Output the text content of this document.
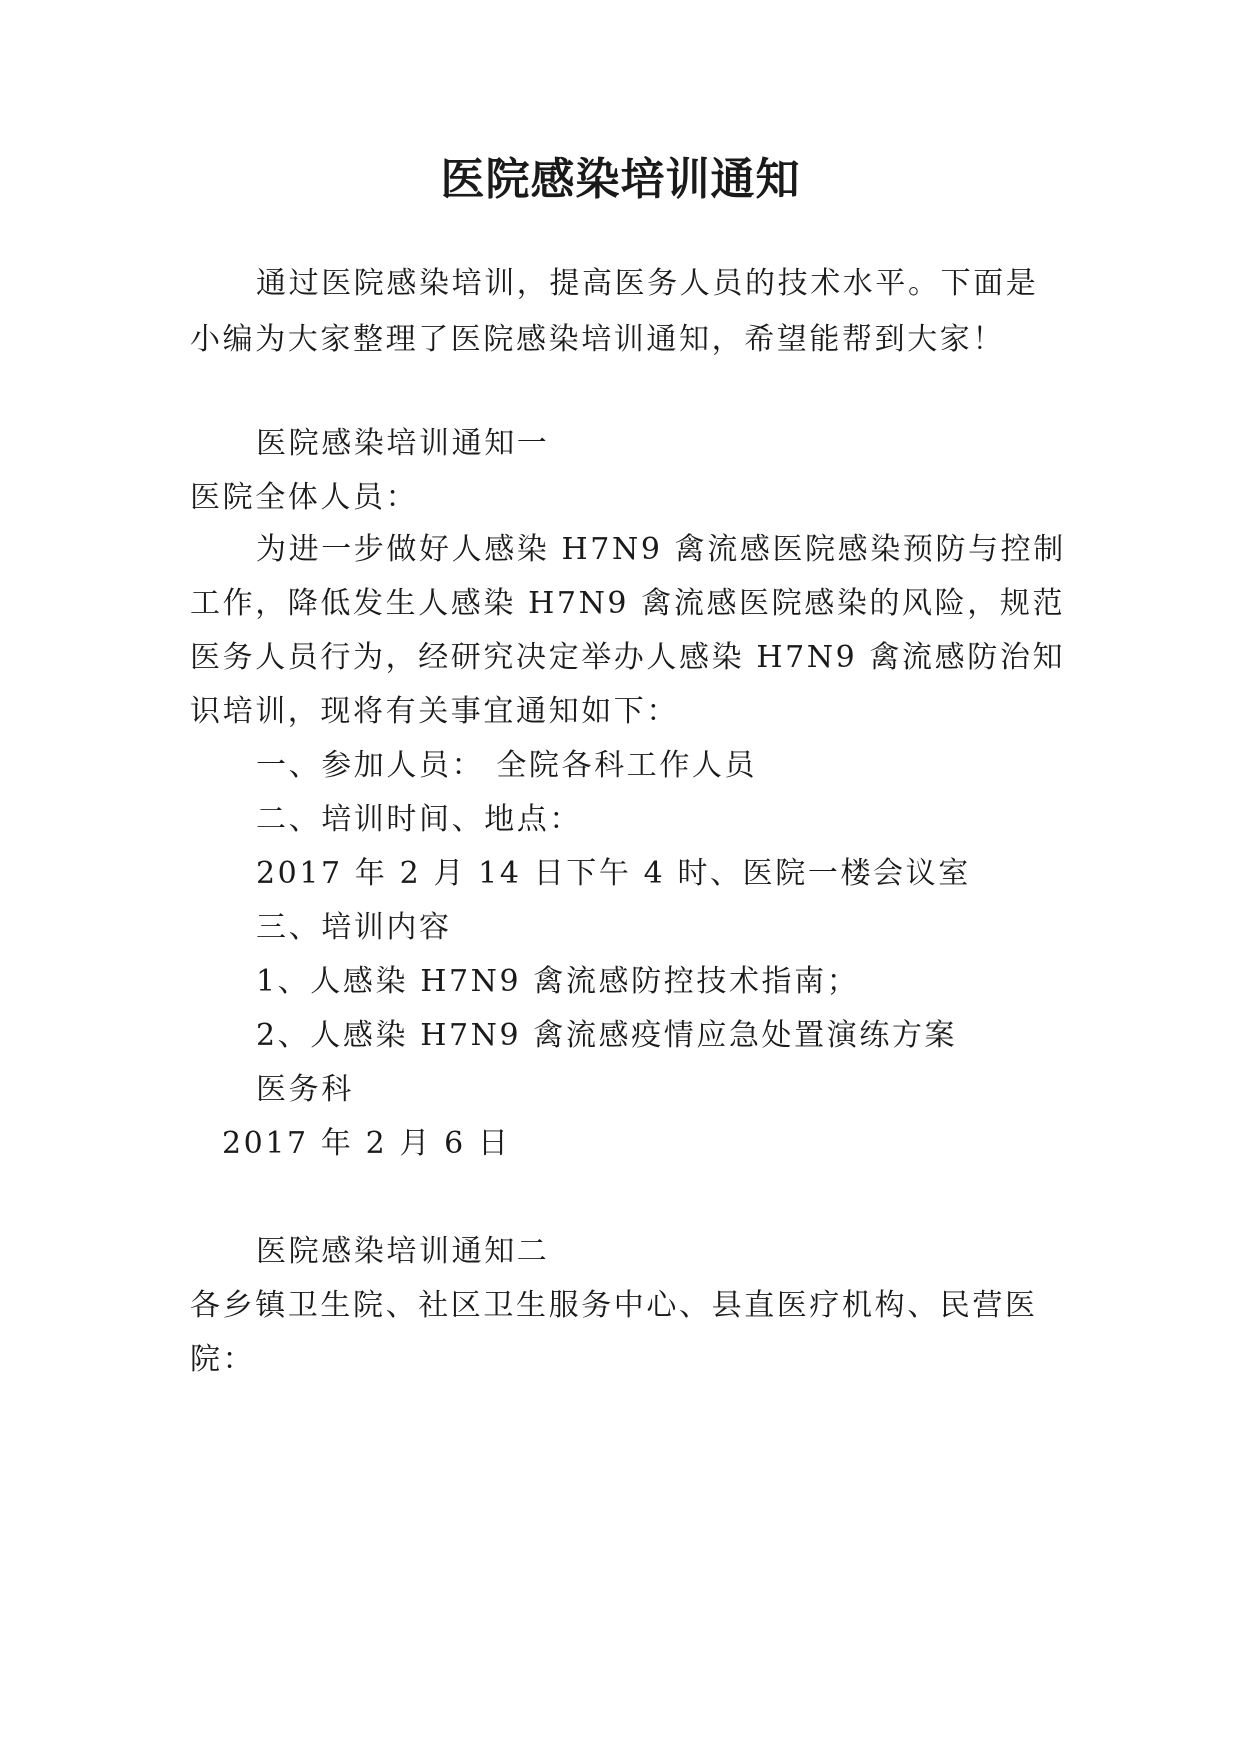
医院感染培训通知
通过医院感染培训，提高医务人员的技术水平。下面是
小编为大家整理了医院感染培训通知，希望能帮到大家！
医院感染培训通知一
医院全体人员：
为进一步做好人感染 H7N9 禽流感医院感染预防与控制
工作，降低发生人感染 H7N9 禽流感医院感染的风险，规范
医务人员行为，经研究决定举办人感染 H7N9 禽流感防治知
识培训，现将有关事宜通知如下：
一、参加人员： 全院各科工作人员
二、培训时间、地点：
2017 年 2 月 14 日下午 4 时、医院一楼会议室
三、培训内容
1、人感染 H7N9 禽流感防控技术指南；
2、人感染 H7N9 禽流感疫情应急处置演练方案
医务科
2017 年 2 月 6 日
医院感染培训通知二
各乡镇卫生院、社区卫生服务中心、县直医疗机构、民营医
院：
